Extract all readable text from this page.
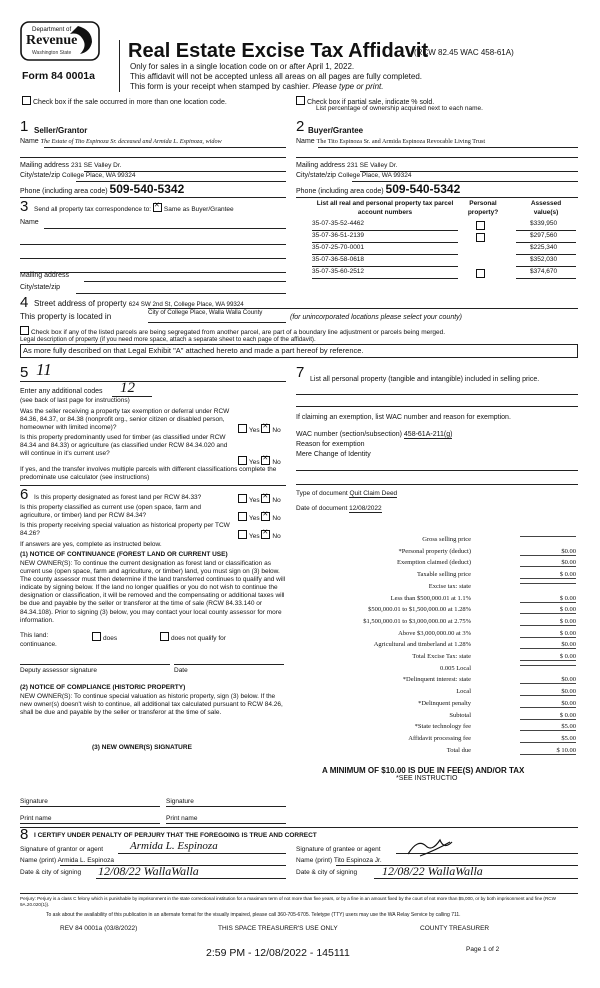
Department of
Revenue
Washington State
Form 84 0001a
Real Estate Excise Tax Affidavit
(RCW 82.45 WAC 458-61A)
Only for sales in a single location code on or after April 1, 2022.
This affidavit will not be accepted unless all areas on all pages are fully completed.
This form is your receipt when stamped by cashier. Please type or print.
Check box if the sale occurred in more than one location code.	Check box if partial sale, indicate % sold.
List percentage of ownership acquired next to each name.
1 Seller/Grantor
Name The Estate of Tito Espinoza Sr. deceased and Armida L. Espinoza, widow
Mailing address 231 SE Valley Dr.
City/state/zip College Place, WA 99324
Phone (including area code) 509-540-5342
2 Buyer/Grantee
Name The Tito Espinoza Sr. and Armida Espinoza Revocable Living Trust
Mailing address 231 SE Valley Dr.
City/state/zip College Place, WA 99324
Phone (including area code) 509-540-5342
3 Send all property tax correspondence to: ✕ Same as Buyer/Grantee
Name
Mailing address
City/state/zip
List all real and personal property tax parcel account numbers
Personal property?
Assessed value(s)
35-07-35-52-4462	$339,950
35-07-36-51-2139	$297,560
35-07-25-70-0001	$225,340
35-07-36-58-0618	$352,030
35-07-35-60-2512	$374,670
4 Street address of property 624 SW 2nd St, College Place, WA 99324
This property is located in	City of College Place, Walla Walla County
(for unincorporated locations please select your county)
Check box if any of the listed parcels are being segregated from another parcel, are part of a boundary line adjustment or parcels being merged.
Legal description of property (if you need more space, attach a separate sheet to each page of the affidavit).
As more fully described on that Legal Exhibit "A" attached hereto and made a part hereof by reference.
5 11
Enter any additional codes 12
(see back of last page for instructions)
Was the seller receiving a property tax exemption or deferral under RCW 84.36, 84.37, or 84.38 (nonprofit org., senior citizen or disabled person, homeowner with limited income)?	Yes ✕ No
Is this property predominantly used for timber (as classified under RCW 84.34 and 84.33) or agriculture (as classified under RCW 84.34.020 and will continue in it's current use?
Yes ✕ No
If yes, and the transfer involves multiple parcels with different classifications complete the predominate use calculator (see instructions)
7 List all personal property (tangible and intangible) included in selling price.
If claiming an exemption, list WAC number and reason for exemption.
WAC number (section/subsection) 458-61A-211(g)
Reason for exemption
Mere Change of Identity
6 Is this property designated as forest land per RCW 84.33?	Yes ✕ No
Is this property classified as current use (open space, farm and agriculture, or timber) land per RCW 84.34?	Yes ✕ No
Is this property receiving special valuation as historical property per TCW 84.26?	Yes ✕ No
If answers are yes, complete as instructed below.
(1) NOTICE OF CONTINUANCE (FOREST LAND OR CURRENT USE)
NEW OWNER(S): To continue the current designation as forest land or classification as current use (open space, farm and agriculture, or timber) land, you must sign on (3) below. The county assessor must then determine if the land transferred continues to qualify and will indicate by signing below. If the land no longer qualifies or you do not wish to continue the designation or classification, it will be removed and the compensating or additional taxes will be due and payable by the seller or transferor at the time of sale (RCW 84.33.140 or 84.34.108). Prior to signing (3) below, you may contact your local county assessor for more information.
This land:	does	does not qualify for
continuance.
Deputy assessor signature	Date
(2) NOTICE OF COMPLIANCE (HISTORIC PROPERTY)
NEW OWNER(S): To continue special valuation as historic property, sign (3) below. If the new owner(s) doesn't wish to continue, all additional tax calculated pursuant to RCW 84.26, shall be due and payable by the seller or transferor at the time of sale.
(3) NEW OWNER(S) SIGNATURE
Signature	Signature
Print name	Print name
Type of document Quit Claim Deed
Date of document 12/08/2022
Gross selling price
*Personal property (deduct)	$0.00
Exemption claimed (deduct)	$0.00
Taxable selling price	$ 0.00
Excise tax: state
Less than $500,000.01 at 1.1%	$ 0.00
$500,000.01 to $1,500,000.00 at 1.28%	$ 0.00
$1,500,000.01 to $3,000,000.00 at 2.75%	$ 0.00
Above $3,000,000.00 at 3%	$ 0.00
Agricultural and timberland at 1.28%	$0.00
Total Excise Tax: state	$ 0.00
0.005 Local
*Delinquent interest: state	$0.00
Local	$0.00
*Delinquent penalty	$0.00
Subtotal	$ 0.00
*State technology fee	$5.00
Affidavit processing fee	$5.00
Total due	$ 10.00
A MINIMUM OF $10.00 IS DUE IN FEE(S) AND/OR TAX
*SEE INSTRUCTIO
8 I CERTIFY UNDER PENALTY OF PERJURY THAT THE FOREGOING IS TRUE AND CORRECT
Signature of grantor or agent Armida L. Espinoza
Name (print) Armida L. Espinoza
Date & city of signing 12/08/22 WallaWalla
Signature of grantee or agent
Name (print) Tito Espinoza Jr.
Date & city of signing 12/08/22 WallaWalla
Perjury: Perjury is a class C felony which is punishable by imprisonment in the state correctional institution for a maximum term of not more than five years, or by a fine in an amount fixed by the court of not more than $5,000, or by both imprisonment and fine (RCW 9A.20.020(1)).
To ask about the availability of this publication in an alternate format for the visually impaired, please call 360-705-6705. Teletype (TTY) users may use the WA Relay Service by calling 711.
REV 84 0001a (03/8/2022)	THIS SPACE TREASURER'S USE ONLY	COUNTY TREASURER
2:59 PM - 12/08/2022 - 145111	Page 1 of 2
